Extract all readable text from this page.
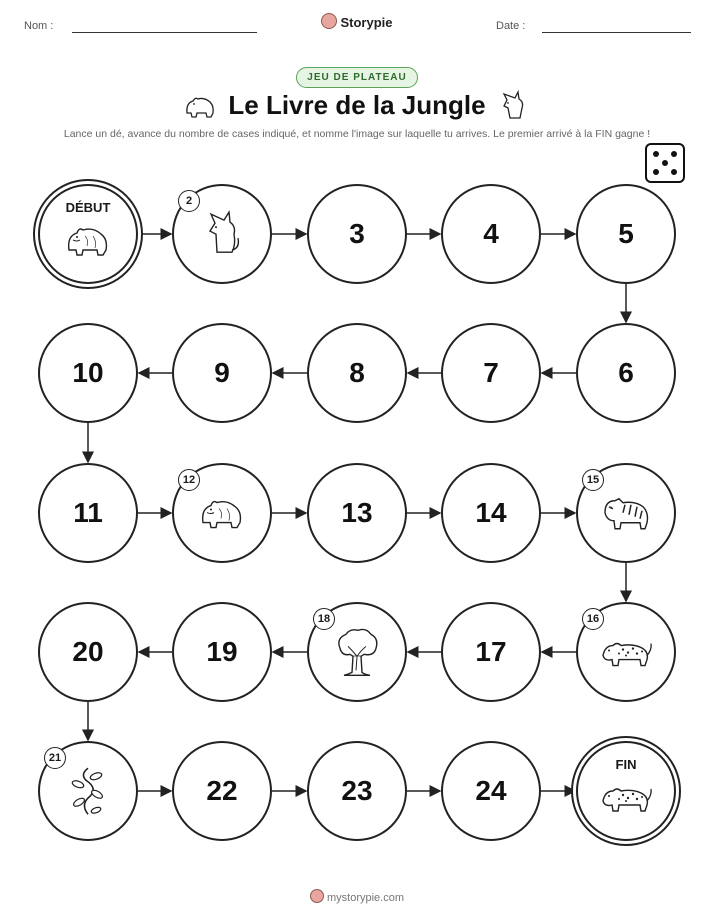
Nom :	Storypie	Date :
JEU DE PLATEAU
Le Livre de la Jungle
Lance un dé, avance du nombre de cases indiqué, et nomme l'image sur laquelle tu arrives. Le premier arrivé à la FIN gagne !
DÉBUT	2
3	4	5
6
7
8
9
10
11
12
13	14
15
16
17
18
19
20
21
22	23	24
FIN
mystorypie.com
